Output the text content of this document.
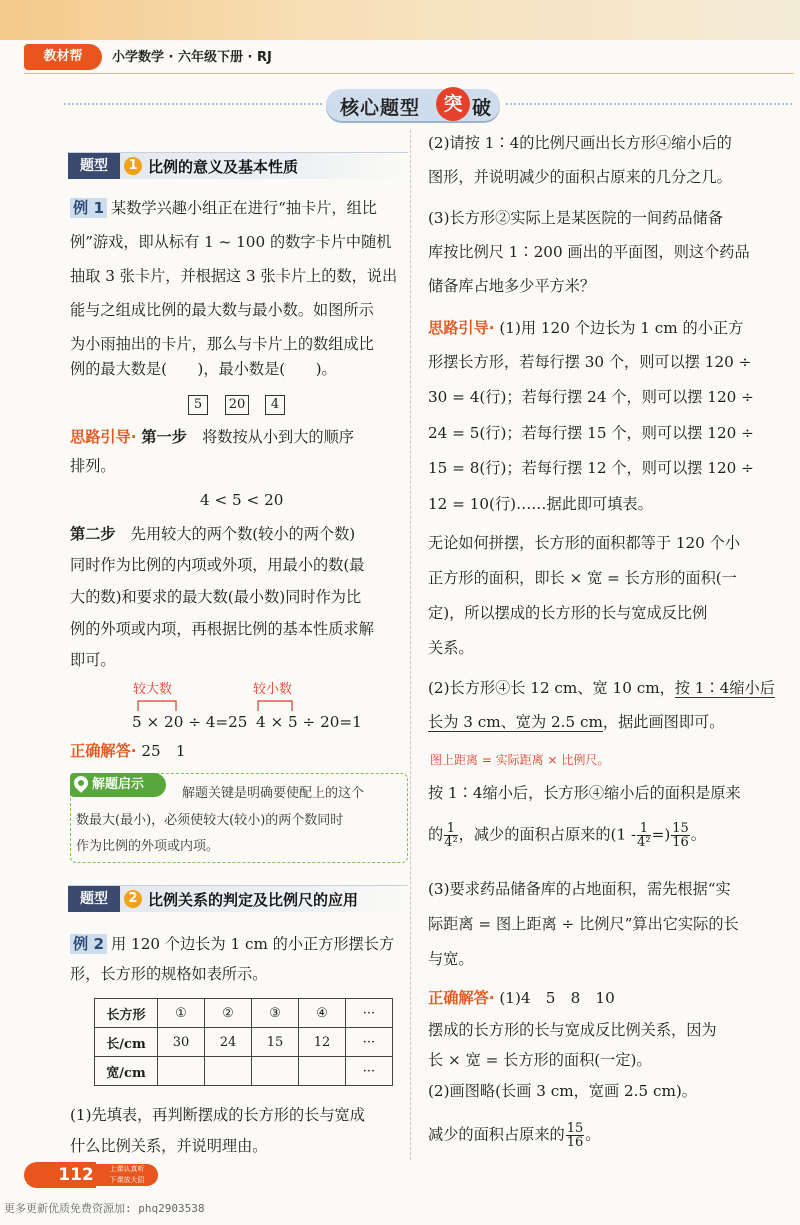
教材帮	小学数学 · 六年级下册 · RJ
核心题型	突 破
题型	1 比例的意义及基本性质
例 1 某数学兴趣小组正在进行“抽卡片，组比
例”游戏，即从标有 1 ~ 100 的数字卡片中随机
抽取 3 张卡片，并根据这 3 张卡片上的数，说出
能与之组成比例的最大数与最小数。如图所示
为小雨抽出的卡片，那么与卡片上的数组成比
例的最大数是(　　)，最小数是(　　)。
5	20	4
思路引导· 第一步　 将数按从小到大的顺序
排列。
4 < 5 < 20
第二步　 先用较大的两个数(较小的两个数)
同时作为比例的内项或外项，用最小的数(最
大的数)和要求的最大数(最小数)同时作为比
例的外项或内项，再根据比例的基本性质求解
即可。
较大数	较小数
5 × 20 ÷ 4=25 4 × 5 ÷ 20=1
正确解答· 25　1
解题启示
解题关键是明确要使配上的这个
数最大(最小)，必须使较大(较小)的两个数同时
作为比例的外项或内项。
题型	2 比例关系的判定及比例尺的应用
例 2 用 120 个边长为 1 cm 的小正方形摆长方
形，长方形的规格如表所示。
长方形	①	②	③	④	···
长/cm	30	24	15	12	···
宽/cm					···
(1)先填表，再判断摆成的长方形的长与宽成
什么比例关系，并说明理由。
(2)请按 1∶4的比例尺画出长方形④缩小后的
图形，并说明减少的面积占原来的几分之几。
(3)长方形②实际上是某医院的一间药品储备
库按比例尺 1∶200 画出的平面图，则这个药品
储备库占地多少平方米？
思路引导· (1)用 120 个边长为 1 cm 的小正方
形摆长方形，若每行摆 30 个，则可以摆 120 ÷
30 = 4(行)；若每行摆 24 个，则可以摆 120 ÷
24 = 5(行)；若每行摆 15 个，则可以摆 120 ÷
15 = 8(行)；若每行摆 12 个，则可以摆 120 ÷
12 = 10(行)……据此即可填表。
无论如何拼摆，长方形的面积都等于 120 个小
正方形的面积，即长 × 宽 = 长方形的面积(一
定)，所以摆成的长方形的长与宽成反比例
关系。
(2)长方形④长 12 cm、宽 10 cm，按 1∶4缩小后
长为 3 cm、宽为 2.5 cm，据此画图即可。
图上距离 = 实际距离 × 比例尺。
按 1∶4缩小后，长方形④缩小后的面积是原来
的 $\frac{1}{\text{4²}}$ ，减少的面积占原来的($1 - \frac{1}{\text{4²}}$ =) $\frac{15}{16}$ 。
(3)要求药品储备库的占地面积，需先根据“实
际距离 = 图上距离 ÷ 比例尺”算出它实际的长
与宽。
正确解答· (1)4　5　8　10
摆成的长方形的长与宽成反比例关系，因为
长 × 宽 = 长方形的面积(一定)。
(2)画图略(长画 3 cm，宽画 2.5 cm)。
减少的面积占原来的 $\frac{15}{16}$ 。
112	上课认真听
下课放大招
更多更新优质免费资源加: phq2903538
